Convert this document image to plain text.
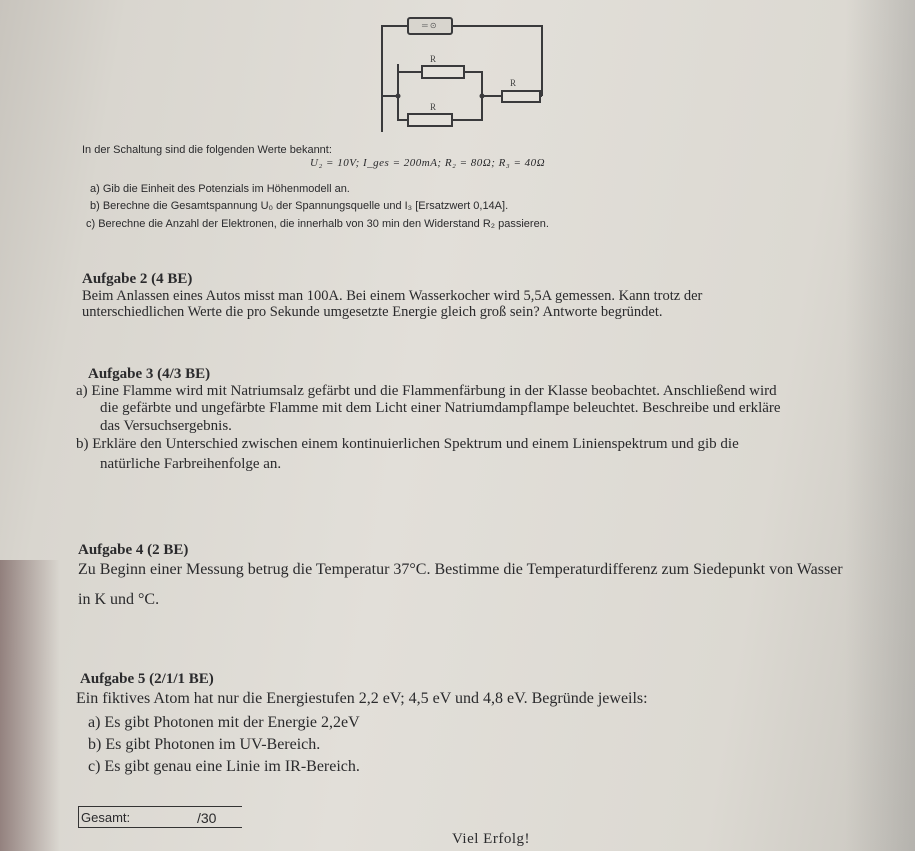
═ ⊙
R
R
R
In der Schaltung sind die folgenden Werte bekannt:
U₂ = 10V; I_ges = 200mA; R₂ = 80Ω; R₃ = 40Ω
a) Gib die Einheit des Potenzials im Höhenmodell an.
b) Berechne die Gesamtspannung U₀ der Spannungsquelle und I₃ [Ersatzwert 0,14A].
c) Berechne die Anzahl der Elektronen, die innerhalb von 30 min den Widerstand R₂ passieren.
Aufgabe 2 (4 BE)
Beim Anlassen eines Autos misst man 100A. Bei einem Wasserkocher wird 5,5A gemessen. Kann trotz der
unterschiedlichen Werte die pro Sekunde umgesetzte Energie gleich groß sein? Antworte begründet.
Aufgabe 3 (4/3 BE)
a) Eine Flamme wird mit Natriumsalz gefärbt und die Flammenfärbung in der Klasse beobachtet. Anschließend wird
die gefärbte und ungefärbte Flamme mit dem Licht einer Natriumdampflampe beleuchtet. Beschreibe und erkläre
das Versuchsergebnis.
b) Erkläre den Unterschied zwischen einem kontinuierlichen Spektrum und einem Linienspektrum und gib die
natürliche Farbreihenfolge an.
Aufgabe 4 (2 BE)
Zu Beginn einer Messung betrug die Temperatur 37°C. Bestimme die Temperaturdifferenz zum Siedepunkt von Wasser
in K und °C.
Aufgabe 5 (2/1/1 BE)
Ein fiktives Atom hat nur die Energiestufen 2,2 eV; 4,5 eV und 4,8 eV. Begründe jeweils:
a) Es gibt Photonen mit der Energie 2,2eV
b) Es gibt Photonen im UV-Bereich.
c) Es gibt genau eine Linie im IR-Bereich.
Gesamt:	/30
Viel Erfolg!
